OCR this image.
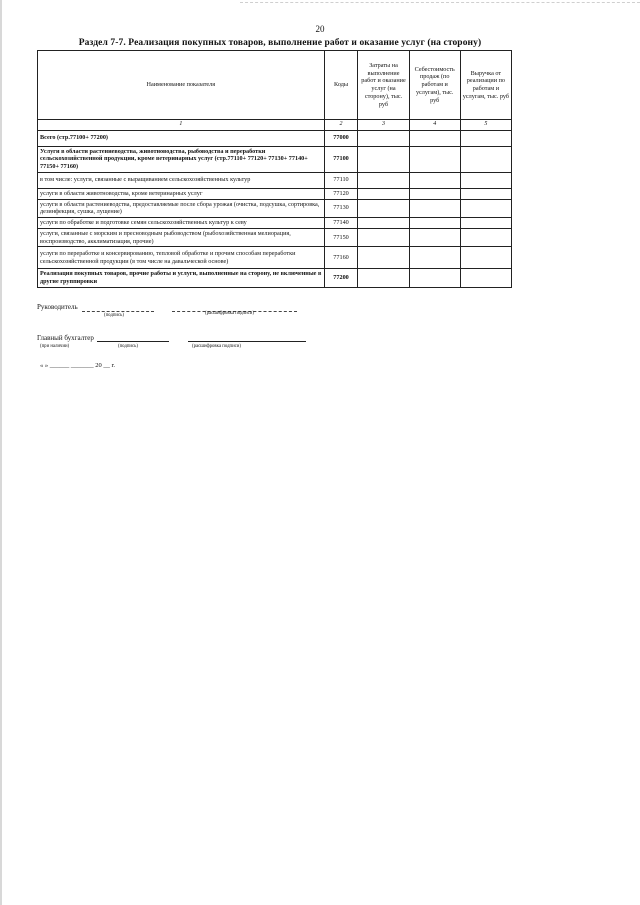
20
Раздел 7-7. Реализация покупных товаров, выполнение работ и оказание услуг (на сторону)
Наименование показателя	Коды	Затраты на выполнение работ и оказание услуг (на сторону), тыс. руб	Себестоимость продаж (по работам и услугам), тыс. руб	Выручка от реализации по работам и услугам, тыс. руб
1	2	3	4	5
Всего (стр.77100+ 77200)	77000			
Услуги в области растениеводства, животноводства, рыбоводства и переработки сельскохозяйственной продукции, кроме ветеринарных услуг (стр.77110+ 77120+ 77130+ 77140+ 77150+ 77160)	77100			
в том числе: услуги, связанные с выращиванием сельскохозяйственных культур	77110			
услуги в области животноводства, кроме ветеринарных услуг	77120			
услуги в области растениеводства, предоставляемые после сбора урожая (очистка, подсушка, сортировка, дезинфекция, сушка, лущение)	77130			
услуги по обработке и подготовке семян сельскохозяйственных культур к севу	77140			
услуги, связанные с морским и пресноводным рыбоводством (рыбохозяйственная мелиорация, воспроизводство, акклиматизация, прочие)	77150			
услуги по переработке и консервированию, тепловой обработке и прочим способам переработки сельскохозяйственной продукции (в том числе на давальческой основе)	77160			
Реализация покупных товаров, прочие работы и услуги, выполненные на сторону, не включенные в другие группировки	77200			
Руководитель
(подпись)	(расшифровка подписи)
Главный бухгалтер
(при наличии)	(подпись)	(расшифровка подписи)
« » ______ _______ 20 __ г.
